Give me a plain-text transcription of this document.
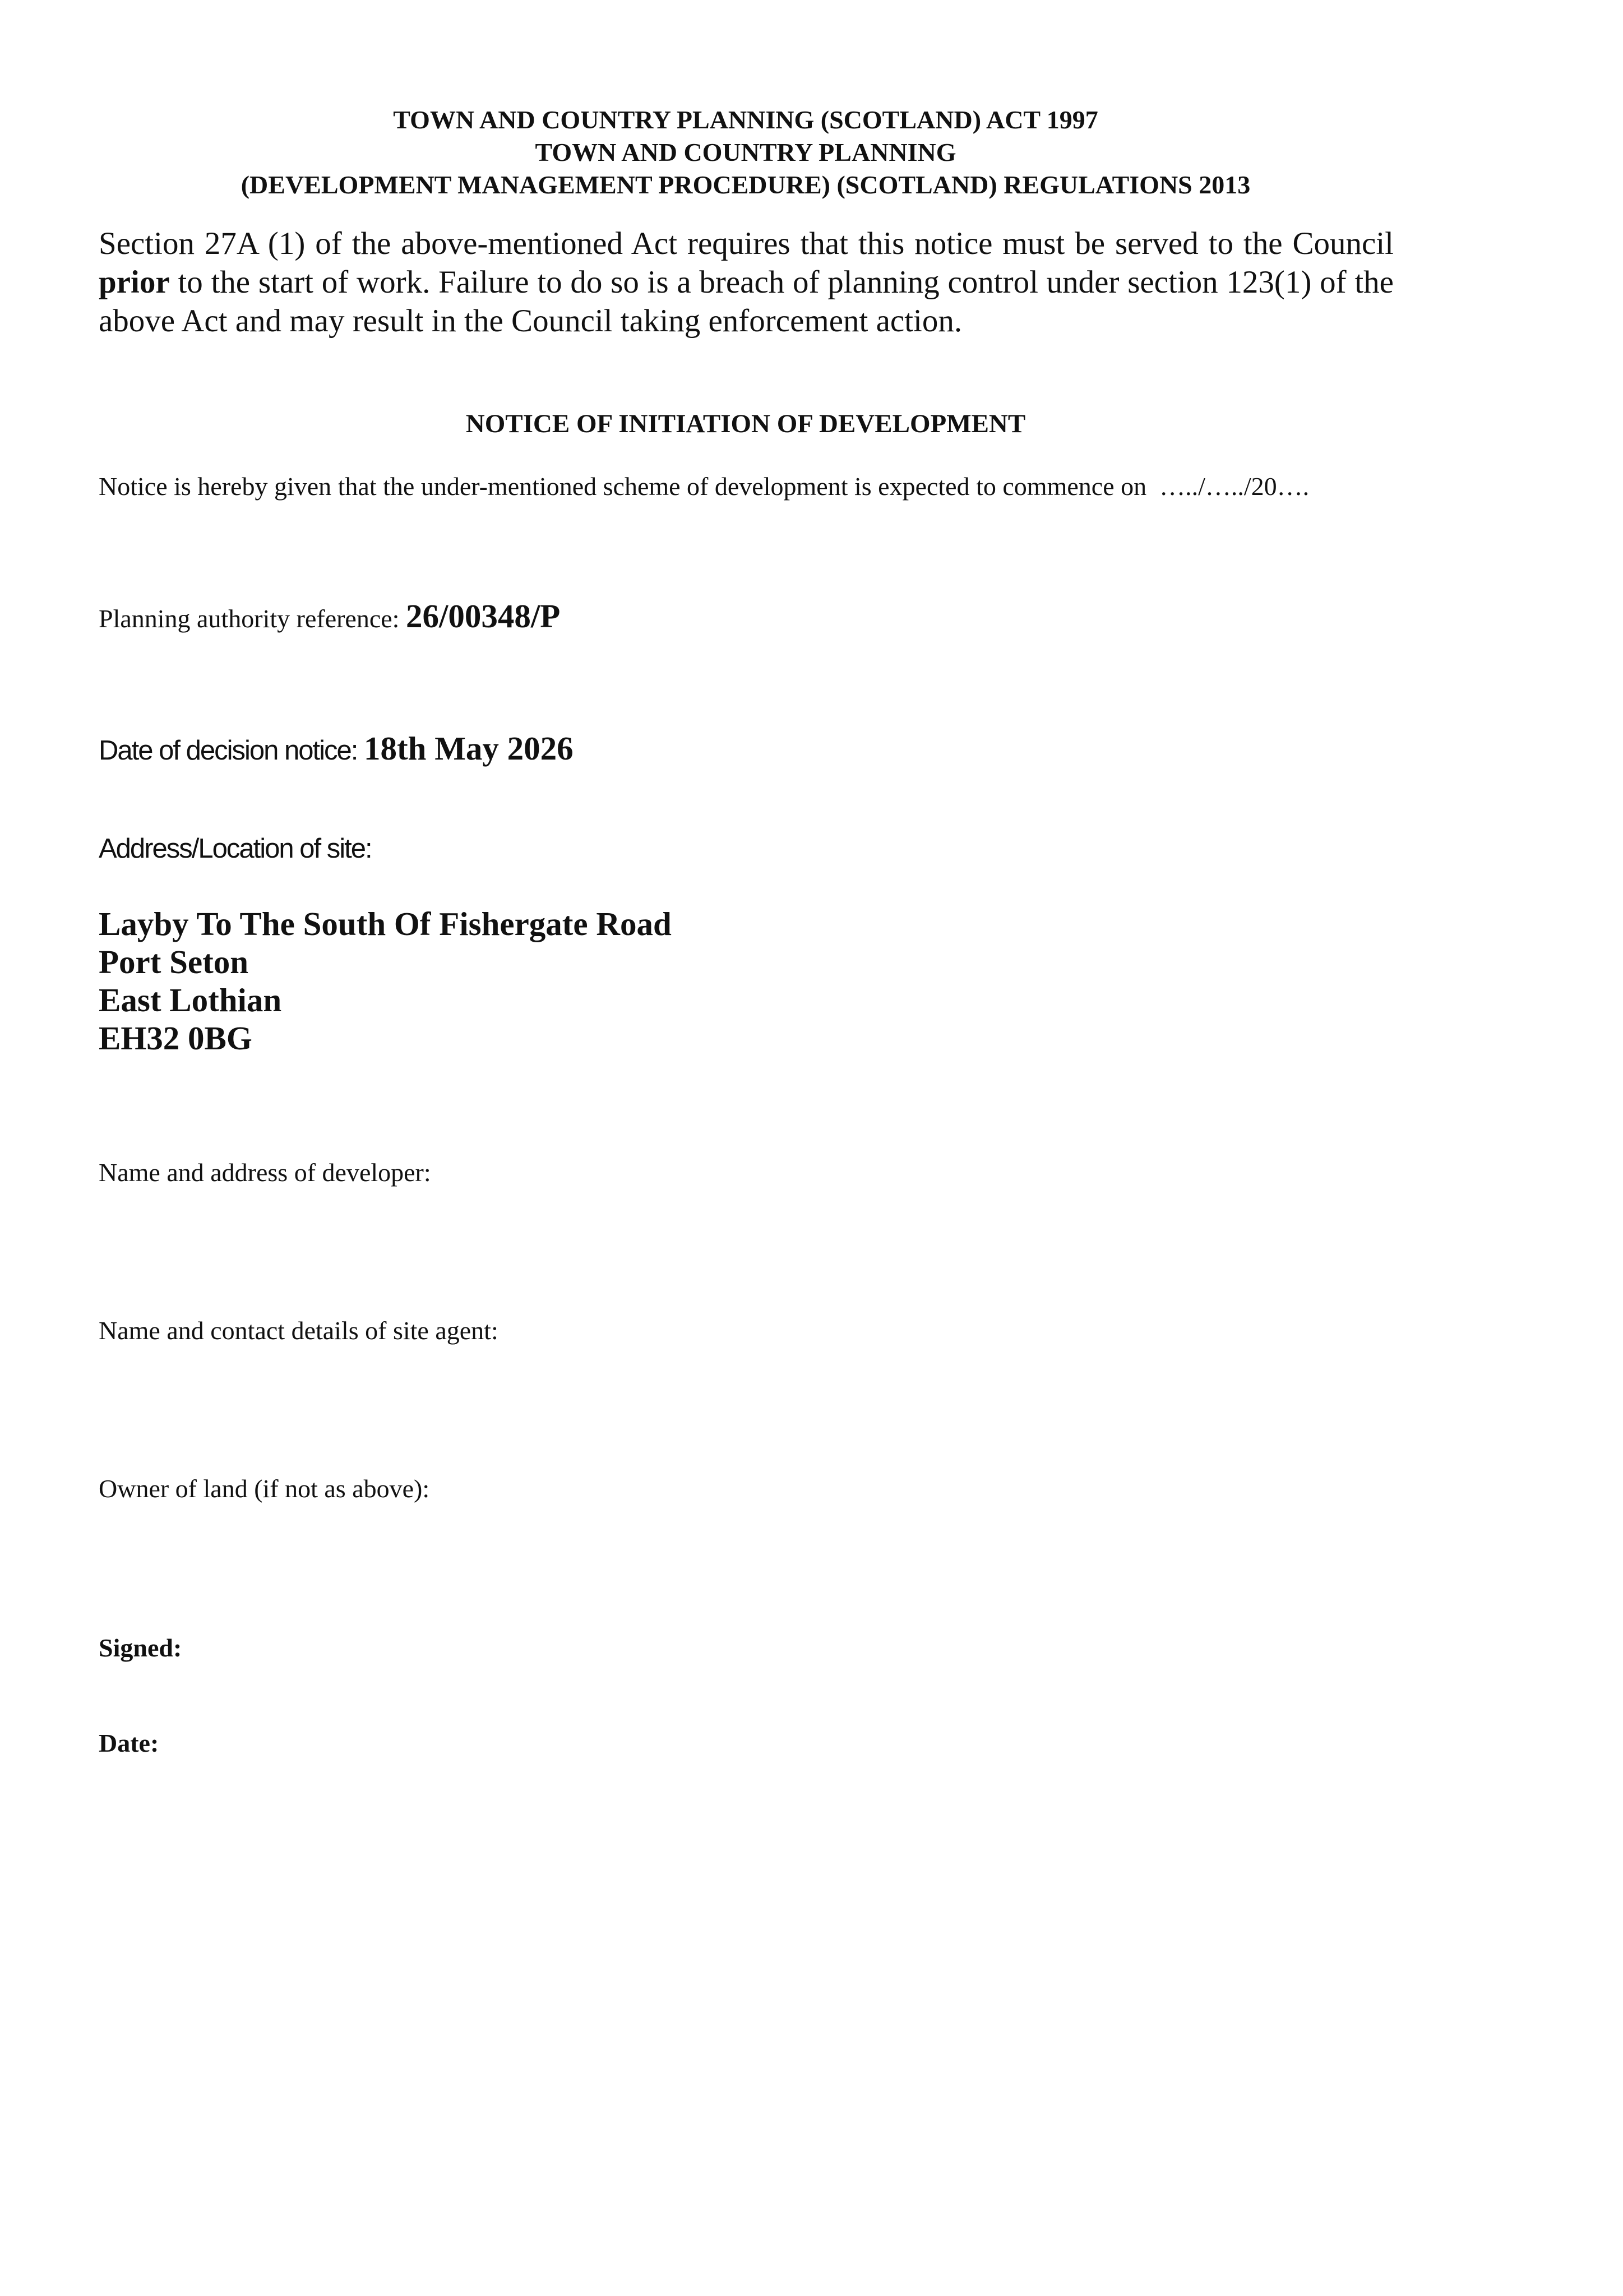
TOWN AND COUNTRY PLANNING (SCOTLAND) ACT 1997
TOWN AND COUNTRY PLANNING
(DEVELOPMENT MANAGEMENT PROCEDURE) (SCOTLAND) REGULATIONS 2013
Section 27A (1) of the above-mentioned Act requires that this notice must be served to the Council prior to the start of work. Failure to do so is a breach of planning control under section 123(1) of the above Act and may result in the Council taking enforcement action.
NOTICE OF INITIATION OF DEVELOPMENT
Notice is hereby given that the under-mentioned scheme of development is expected to commence on …../…../20….
Planning authority reference: 26/00348/P
Date of decision notice: 18th May 2026
Address/Location of site:
Layby To The South Of Fishergate Road
Port Seton
East Lothian
EH32 0BG
Name and address of developer:
Name and contact details of site agent:
Owner of land (if not as above):
Signed:
Date:
